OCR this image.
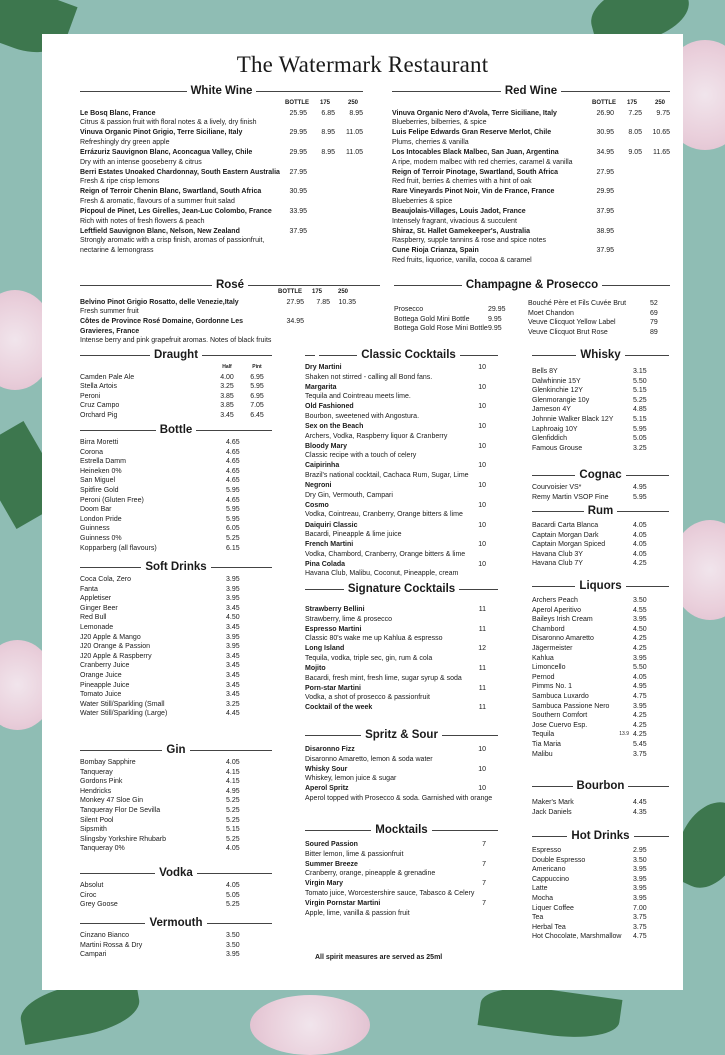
The Watermark Restaurant
White Wine
BOTTLE	175	250
Le Bosq Blanc, France	25.95	6.85	8.95
Citrus & passion fruit with floral notes & a lively, dry finish
Vinuva Organic Pinot Grigio, Terre Siciliane, Italy	29.95	8.95	11.05
Refreshingly dry green apple
Errázuriz Sauvignon Blanc, Aconcagua Valley, Chile	29.95	8.95	11.05
Dry with an intense gooseberry & citrus
Berri Estates Unoaked Chardonnay, South Eastern Australia	27.95
Fresh & ripe crisp lemons
Reign of Terroir Chenin Blanc, Swartland, South Africa	30.95
Fresh & aromatic, flavours of a summer fruit salad
Picpoul de Pinet, Les Girelles, Jean-Luc Colombo, France	33.95
Rich with notes of fresh flowers & peach
Leftfield Sauvignon Blanc, Nelson, New Zealand	37.95
Strongly aromatic with a crisp finish, aromas of passionfruit, nectarine & lemongrass
Red Wine
BOTTLE	175	250
Vinuva Organic Nero d'Avola, Terre Siciliane, Italy	26.90	7.25	9.75
Blueberries, bilberries, & spice
Luis Felipe Edwards Gran Reserve Merlot, Chile	30.95	8.05	10.65
Plums, cherries & vanilla
Los Intocables Black Malbec, San Juan, Argentina	34.95	9.05	11.65
A ripe, modern malbec with red cherries, caramel & vanilla
Reign of Terroir Pinotage, Swartland, South Africa	27.95
Red fruit, berries & cherries with a hint of oak
Rare Vineyards Pinot Noir, Vin de France, France	29.95
Blueberries & spice
Beaujolais-Villages, Louis Jadot, France	37.95
Intensely fragrant, vivacious & succulent
Shiraz, St. Hallet Gamekeeper's, Australia	38.95
Raspberry, supple tannins & rose and spice notes
Cune Rioja Crianza, Spain	37.95
Red fruits, liquorice, vanilla, cocoa & caramel
Rosé
BOTTLE	175	250
Belvino Pinot Grigio Rosatto, delle Venezie,Italy	27.95	7.85	10.35
Fresh summer fruit
Côtes de Province Rosé Domaine, Gordonne Les Gravieres, France
34.95
Intense berry and pink grapefruit aromas. Notes of black fruits
Champagne & Prosecco
Prosecco	29.95
Bottega Gold Mini Bottle	9.95
Bottega Gold Rose Mini Bottle 9.95
Bouché Père et Fils Cuvée Brut	52
Moet Chandon	69
Veuve Clicquot Yellow Label	79
Veuve Clicquot Brut Rose	89
Draught
Half	Pint
Camden Pale Ale	4.00	6.95
Stella Artois	3.25	5.95
Peroni	3.85	6.95
Cruz Campo	3.85	7.05
Orchard Pig	3.45	6.45
Bottle
Birra Moretti	4.65
Corona	4.65
Estrella Damm	4.65
Heineken 0%	4.65
San Miguel	4.65
Spitfire Gold	5.95
Peroni (Gluten Free)	4.65
Doom Bar	5.95
London Pride	5.95
Guinness	6.05
Guinness 0%	5.25
Kopparberg (all flavours)	6.15
Soft Drinks
Coca Cola, Zero	3.95
Fanta	3.95
Appletiser	3.95
Ginger Beer	3.45
Red Bull	4.50
Lemonade	3.45
J20 Apple & Mango	3.95
J20 Orange & Passion	3.95
J20 Apple & Raspberry	3.45
Cranberry Juice	3.45
Orange Juice	3.45
Pineapple Juice	3.45
Tomato Juice	3.45
Water Still/Sparkling (Small	3.25
Water Still/Sparkling (Large)	4.45
Gin
Bombay Sapphire	4.05
Tanqueray	4.15
Gordons Pink	4.15
Hendricks	4.95
Monkey 47 Sloe Gin	5.25
Tanqueray Flor De Sevilla	5.25
Silent Pool	5.25
Sipsmith	5.15
Slingsby Yorkshire Rhubarb	5.25
Tanqueray 0%	4.05
Vodka
Absolut	4.05
Ciroc	5.05
Grey Goose	5.25
Vermouth
Cinzano Bianco	3.50
Martini Rossa & Dry	3.50
Campari	3.95
Classic Cocktails
Dry Martini	10
Shaken not stirred - calling all Bond fans.
Margarita	10
Tequila and Cointreau meets lime.
Old Fashioned	10
Bourbon, sweetened with Angostura.
Sex on the Beach	10
Archers, Vodka, Raspberry liquor & Cranberry
Bloody Mary	10
Classic recipe with a touch of celery
Caipirinha	10
Brazil's national cocktail, Cachaca Rum, Sugar, Lime
Negroni	10
Dry Gin, Vermouth, Campari
Cosmo	10
Vodka, Cointreau, Cranberry, Orange bitters & lime
Daiquiri Classic	10
Bacardi, Pineapple & lime juice
French Martini	10
Vodka, Chambord, Cranberry, Orange bitters & lime
Pina Colada	10
Havana Club, Malibu, Coconut, Pineapple, cream
Signature Cocktails
Strawberry Bellini	11
Strawberry, lime & prosecco
Espresso Martini	11
Classic 80's wake me up Kahlua & espresso
Long Island	12
Tequila, vodka, triple sec, gin, rum & cola
Mojito	11
Bacardi, fresh mint, fresh lime, sugar syrup & soda
Porn-star Martini	11
Vodka, a shot of prosecco & passionfruit
Cocktail of the week	11
Spritz & Sour
Disaronno Fizz	10
Disaronno Amaretto, lemon & soda water
Whisky Sour	10
Whiskey, lemon juice & sugar
Aperol Spritz	10
Aperol topped with Prosecco & soda. Garnished with orange
Mocktails
Soured Passion	7
Bitter lemon, lime & passionfruit
Summer Breeze	7
Cranberry, orange, pineapple & grenadine
Virgin Mary	7
Tomato juice, Worcestershire sauce, Tabasco & Celery
Virgin Pornstar Martini	7
Apple, lime, vanilla & passion fruit
All spirit measures are served as 25ml
Whisky
Bells 8Y	3.15
Dalwhinnie 15Y	5.50
Glenkinchie 12Y	5.15
Glenmorangie 10y	5.25
Jameson 4Y	4.85
Johnnie Walker Black 12Y	5.15
Laphroaig 10Y	5.95
Glenfiddich	5.05
Famous Grouse	3.25
Cognac
Courvoisier VS*	4.95
Remy Martin VSOP Fine	5.95
Rum
Bacardi Carta Blanca	4.05
Captain Morgan Dark	4.05
Captain Morgan Spiced	4.05
Havana Club 3Y	4.05
Havana Club 7Y	4.25
Liquors
Archers Peach	3.50
Aperol Aperitivo	4.55
Baileys Irish Cream	3.95
Chambord	4.50
Disaronno Amaretto	4.25
Jägermeister	4.25
Kahlua	3.95
Limoncello	5.50
Pernod	4.05
Pimms No. 1	4.95
Sambuca Luxardo	4.75
Sambuca Passione Nero	3.95
Southern Comfort	4.25
Jose Cuervo Esp.	4.25
Tequila	13.9 4.25
Tia Maria	5.45
Malibu	3.75
Bourbon
Maker's Mark	4.45
Jack Daniels	4.35
Hot Drinks
Espresso	2.95
Double Espresso	3.50
Americano	3.95
Cappuccino	3.95
Latte	3.95
Mocha	3.95
Liquer Coffee	7.00
Tea	3.75
Herbal Tea	3.75
Hot Chocolate, Marshmallow	4.75
